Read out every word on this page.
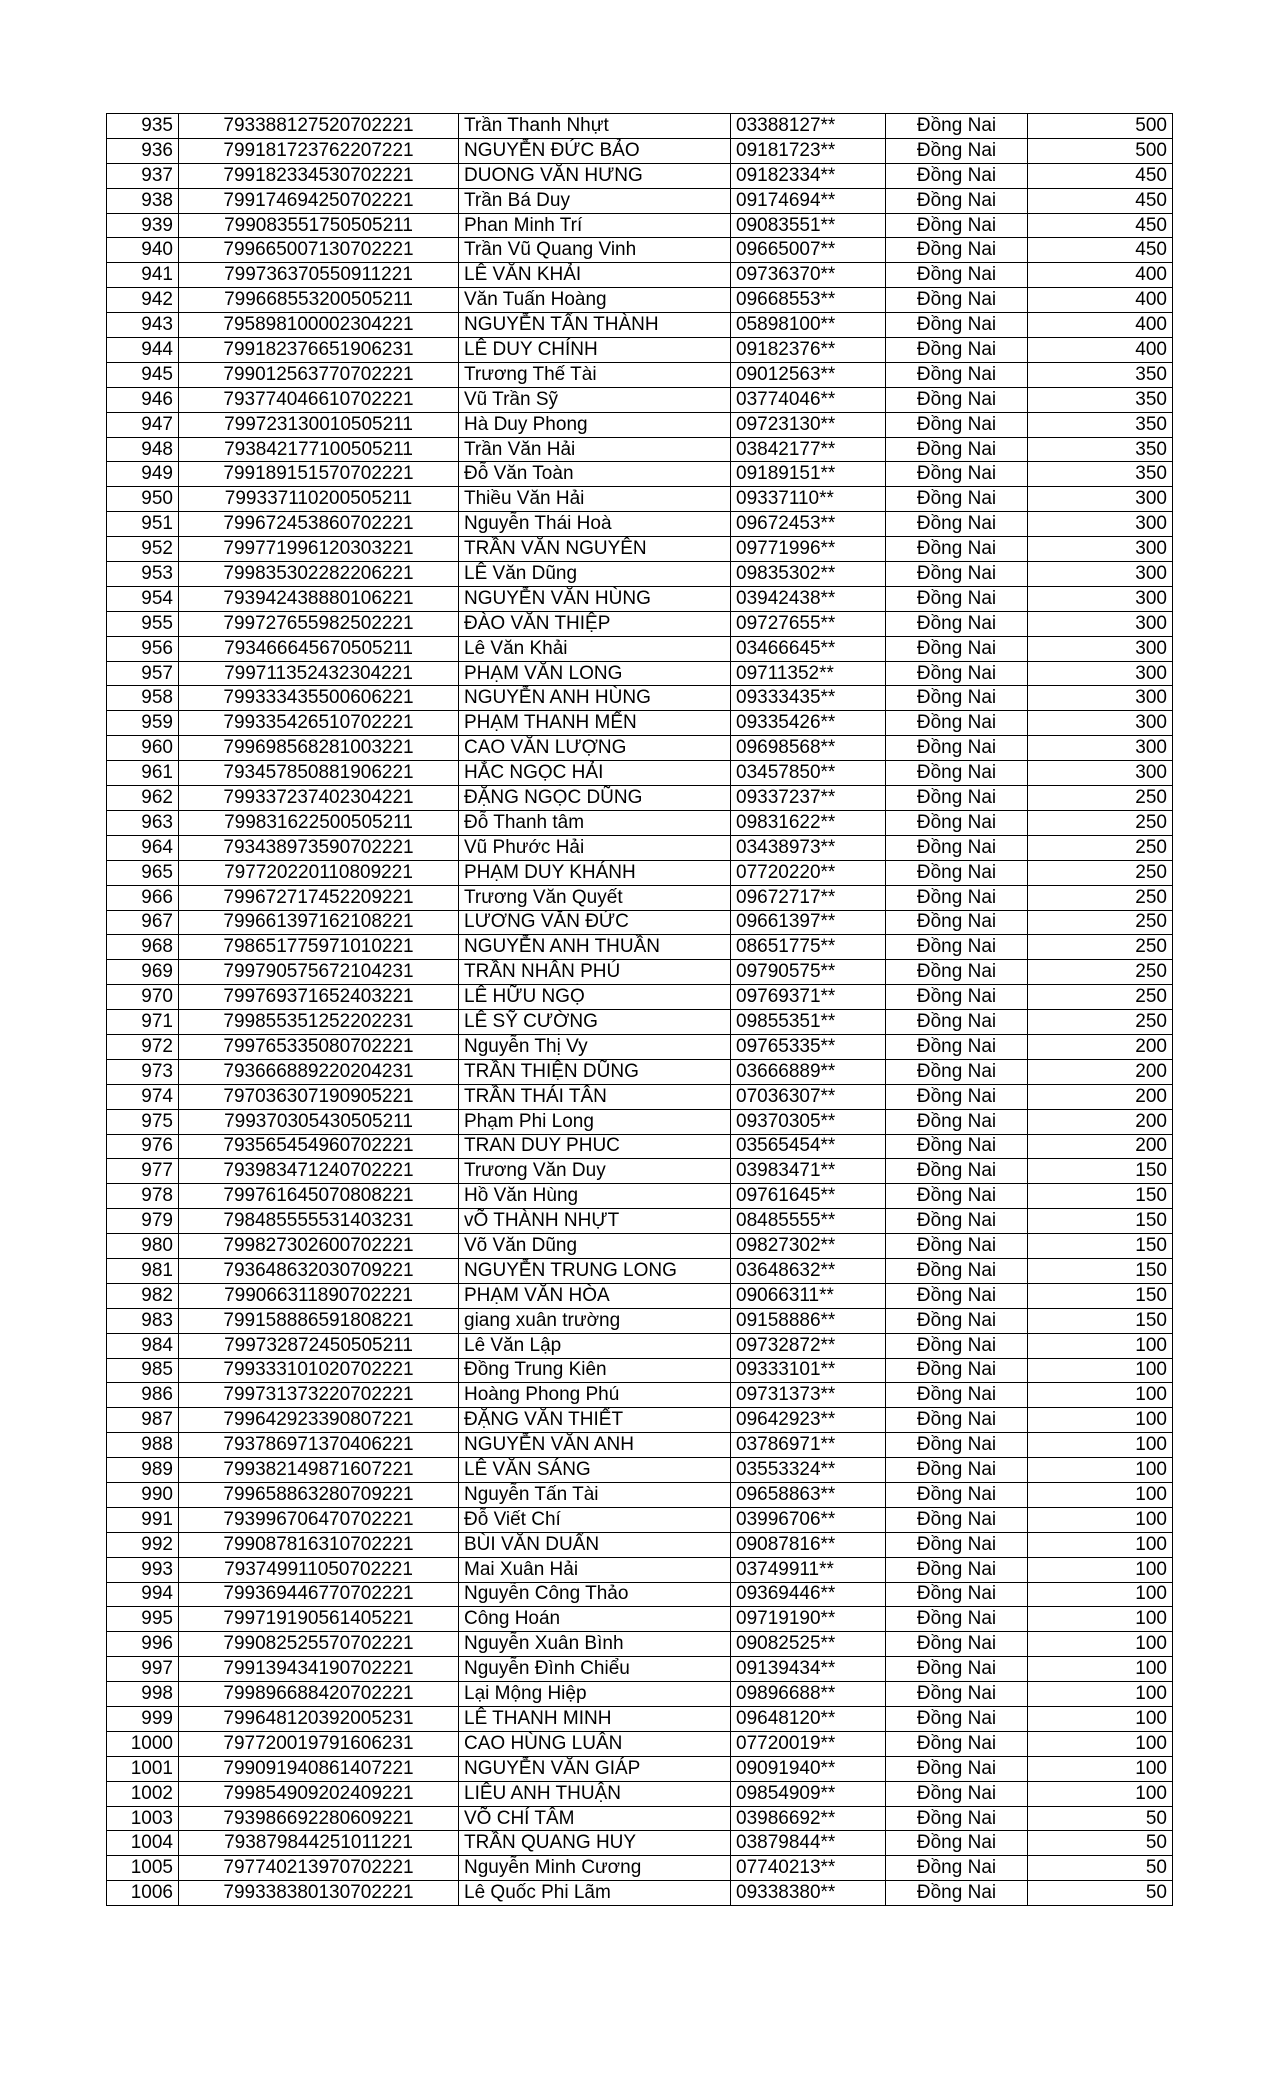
935	793388127520702221	Trần Thanh Nhựt	03388127**	Đồng Nai	500
936	799181723762207221	NGUYỄN ĐỨC BẢO	09181723**	Đồng Nai	500
937	799182334530702221	DUONG VĂN HƯNG	09182334**	Đồng Nai	450
938	799174694250702221	Trần Bá Duy	09174694**	Đồng Nai	450
939	799083551750505211	Phan Minh Trí	09083551**	Đồng Nai	450
940	799665007130702221	Trần Vũ Quang Vinh	09665007**	Đồng Nai	450
941	799736370550911221	LÊ VĂN KHẢI	09736370**	Đồng Nai	400
942	799668553200505211	Văn Tuấn Hoàng	09668553**	Đồng Nai	400
943	795898100002304221	NGUYỄN TẤN THÀNH	05898100**	Đồng Nai	400
944	799182376651906231	LÊ DUY CHÍNH	09182376**	Đồng Nai	400
945	799012563770702221	Trương Thế Tài	09012563**	Đồng Nai	350
946	793774046610702221	Vũ Trần Sỹ	03774046**	Đồng Nai	350
947	799723130010505211	Hà Duy Phong	09723130**	Đồng Nai	350
948	793842177100505211	Trần Văn Hải	03842177**	Đồng Nai	350
949	799189151570702221	Đỗ Văn Toàn	09189151**	Đồng Nai	350
950	799337110200505211	Thiều Văn Hải	09337110**	Đồng Nai	300
951	799672453860702221	Nguyễn Thái Hoà	09672453**	Đồng Nai	300
952	799771996120303221	TRẦN VĂN NGUYÊN	09771996**	Đồng Nai	300
953	799835302282206221	LÊ Văn Dũng	09835302**	Đồng Nai	300
954	793942438880106221	NGUYỄN VĂN HÙNG	03942438**	Đồng Nai	300
955	799727655982502221	ĐÀO VĂN THIỆP	09727655**	Đồng Nai	300
956	793466645670505211	Lê Văn Khải	03466645**	Đồng Nai	300
957	799711352432304221	PHẠM VĂN LONG	09711352**	Đồng Nai	300
958	799333435500606221	NGUYỄN ANH HÙNG	09333435**	Đồng Nai	300
959	799335426510702221	PHẠM THANH MẾN	09335426**	Đồng Nai	300
960	799698568281003221	CAO VĂN LƯỢNG	09698568**	Đồng Nai	300
961	793457850881906221	HẮC NGỌC HẢI	03457850**	Đồng Nai	300
962	799337237402304221	ĐẶNG NGỌC DŨNG	09337237**	Đồng Nai	250
963	799831622500505211	Đỗ Thanh tâm	09831622**	Đồng Nai	250
964	793438973590702221	Vũ Phước Hải	03438973**	Đồng Nai	250
965	797720220110809221	PHẠM DUY KHÁNH	07720220**	Đồng Nai	250
966	799672717452209221	Trương Văn Quyết	09672717**	Đồng Nai	250
967	799661397162108221	LƯƠNG VĂN ĐỨC	09661397**	Đồng Nai	250
968	798651775971010221	NGUYỄN ANH THUẦN	08651775**	Đồng Nai	250
969	799790575672104231	TRẦN NHÂN PHÚ	09790575**	Đồng Nai	250
970	799769371652403221	LÊ HỮU NGỌ	09769371**	Đồng Nai	250
971	799855351252202231	LÊ SỸ CƯỜNG	09855351**	Đồng Nai	250
972	799765335080702221	Nguyễn Thị Vy	09765335**	Đồng Nai	200
973	793666889220204231	TRẦN THIỆN DŨNG	03666889**	Đồng Nai	200
974	797036307190905221	TRẦN THÁI TÂN	07036307**	Đồng Nai	200
975	799370305430505211	Phạm Phi Long	09370305**	Đồng Nai	200
976	793565454960702221	TRAN DUY PHUC	03565454**	Đồng Nai	200
977	793983471240702221	Trương Văn Duy	03983471**	Đồng Nai	150
978	799761645070808221	Hồ Văn Hùng	09761645**	Đồng Nai	150
979	798485555531403231	vÕ THÀNH NHỰT	08485555**	Đồng Nai	150
980	799827302600702221	Võ Văn Dũng	09827302**	Đồng Nai	150
981	793648632030709221	NGUYỄN TRUNG LONG	03648632**	Đồng Nai	150
982	799066311890702221	PHẠM VĂN HÒA	09066311**	Đồng Nai	150
983	799158886591808221	giang xuân trường	09158886**	Đồng Nai	150
984	799732872450505211	Lê Văn Lập	09732872**	Đồng Nai	100
985	799333101020702221	Đồng Trung Kiên	09333101**	Đồng Nai	100
986	799731373220702221	Hoàng Phong Phú	09731373**	Đồng Nai	100
987	799642923390807221	ĐẶNG VĂN THIẾT	09642923**	Đồng Nai	100
988	793786971370406221	NGUYỄN VĂN ANH	03786971**	Đồng Nai	100
989	799382149871607221	LÊ VĂN SÁNG	03553324**	Đồng Nai	100
990	799658863280709221	Nguyễn Tấn Tài	09658863**	Đồng Nai	100
991	793996706470702221	Đỗ Viết Chí	03996706**	Đồng Nai	100
992	799087816310702221	BÙI VĂN DUẨN	09087816**	Đồng Nai	100
993	793749911050702221	Mai Xuân Hải	03749911**	Đồng Nai	100
994	799369446770702221	Nguyễn Công Thảo	09369446**	Đồng Nai	100
995	799719190561405221	Công Hoán	09719190**	Đồng Nai	100
996	799082525570702221	Nguyễn Xuân Bình	09082525**	Đồng Nai	100
997	799139434190702221	Nguyễn Đình Chiểu	09139434**	Đồng Nai	100
998	799896688420702221	Lại Mộng Hiệp	09896688**	Đồng Nai	100
999	799648120392005231	LÊ THANH MINH	09648120**	Đồng Nai	100
1000	797720019791606231	CAO HÙNG LUÂN	07720019**	Đồng Nai	100
1001	799091940861407221	NGUYỄN VĂN GIÁP	09091940**	Đồng Nai	100
1002	799854909202409221	LIÊU ANH THUẬN	09854909**	Đồng Nai	100
1003	793986692280609221	VÕ CHÍ TÂM	03986692**	Đồng Nai	50
1004	793879844251011221	TRẦN QUANG HUY	03879844**	Đồng Nai	50
1005	797740213970702221	Nguyễn Minh Cương	07740213**	Đồng Nai	50
1006	799338380130702221	Lê Quốc Phi Lãm	09338380**	Đồng Nai	50
